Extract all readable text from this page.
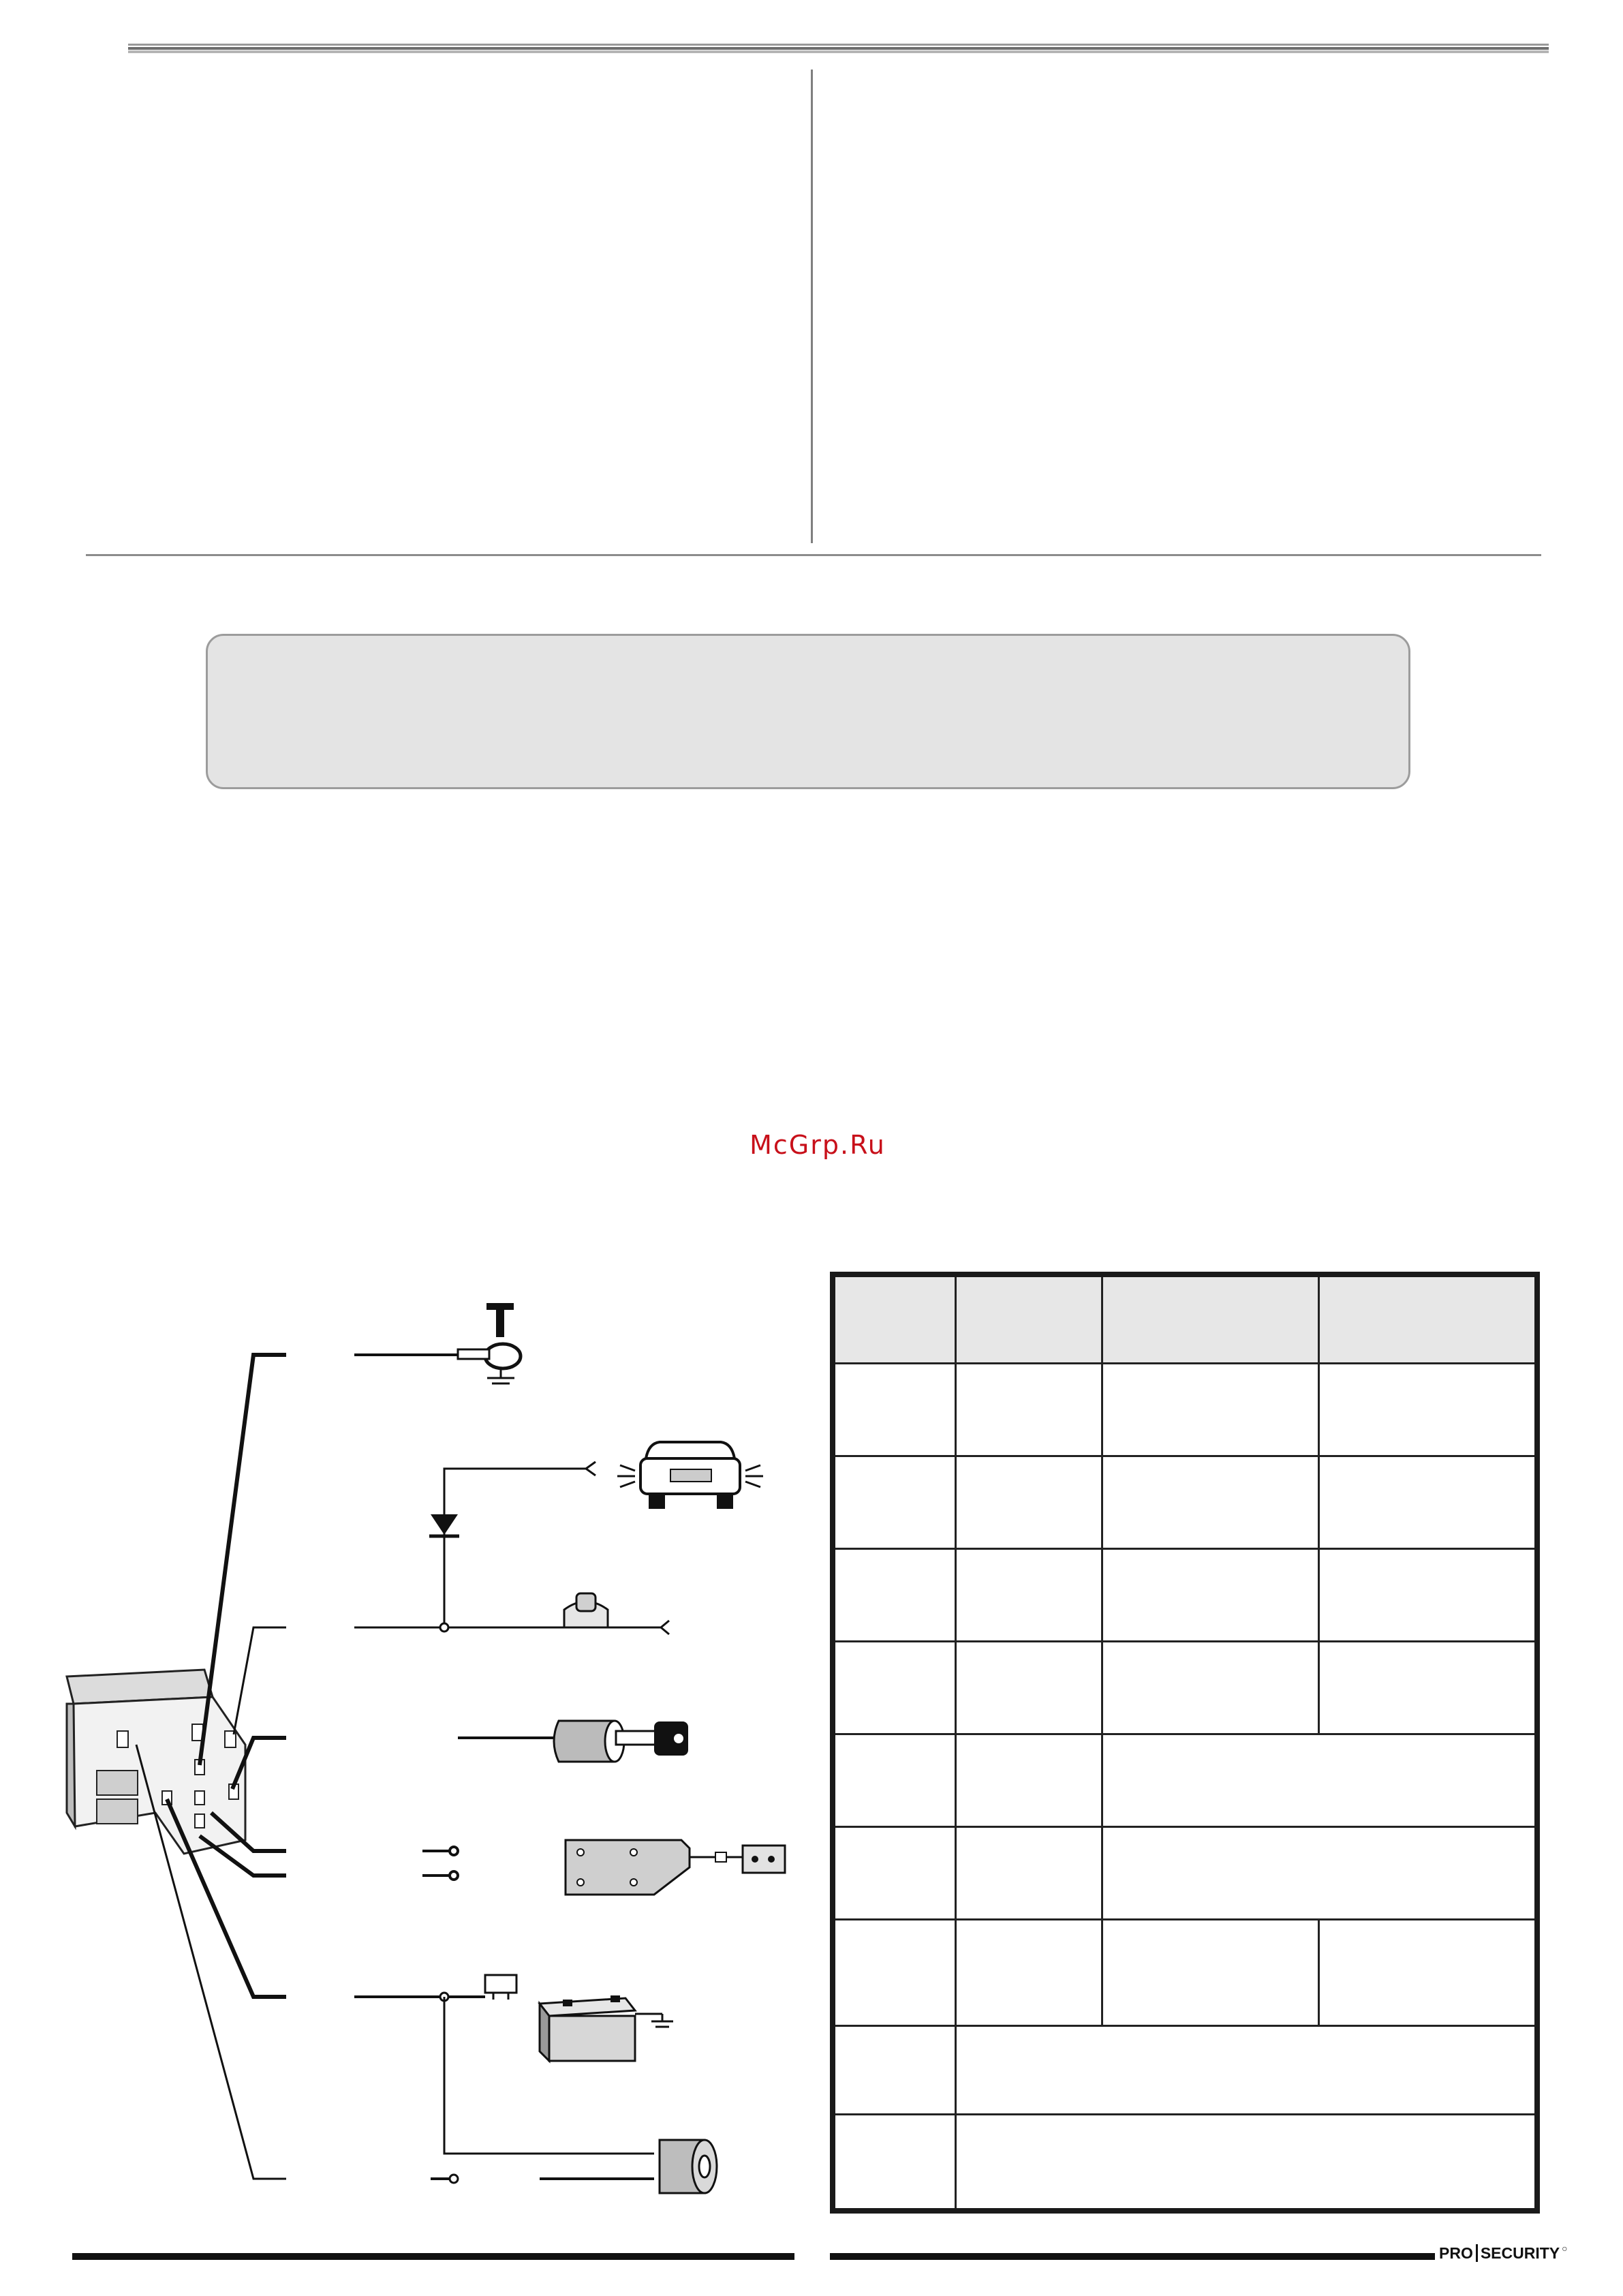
McGrp.Ru

PRO SECURITY ○
